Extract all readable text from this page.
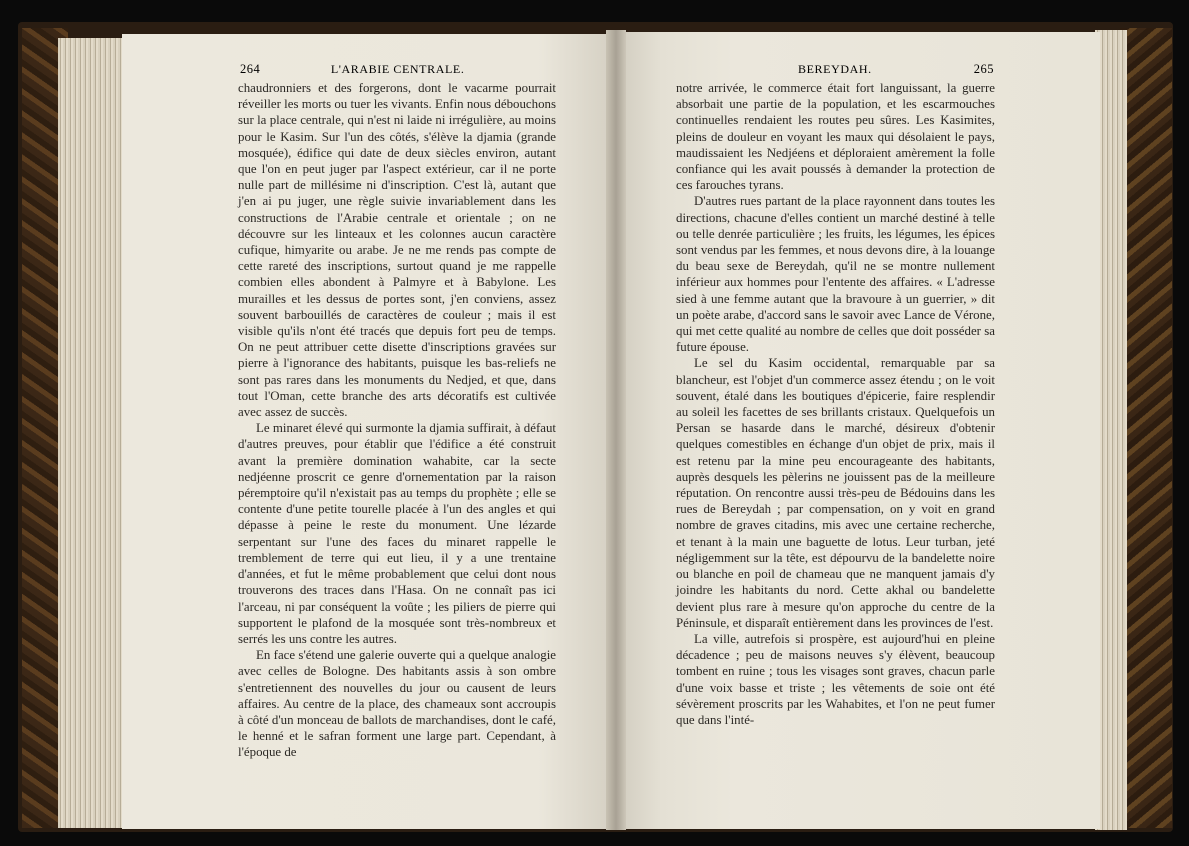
264	L'ARABIE CENTRALE.

chaudronniers et des forgerons, dont le vacarme pourrait réveiller les morts ou tuer les vivants. Enfin nous débouchons sur la place centrale, qui n'est ni laide ni irrégulière, au moins pour le Kasim. Sur l'un des côtés, s'élève la djamia (grande mosquée), édifice qui date de deux siècles environ, autant que l'on en peut juger par l'aspect extérieur, car il ne porte nulle part de millésime ni d'inscription. C'est là, autant que j'en ai pu juger, une règle suivie invariablement dans les constructions de l'Arabie centrale et orientale ; on ne découvre sur les linteaux et les colonnes aucun caractère cufique, himyarite ou arabe. Je ne me rends pas compte de cette rareté des inscriptions, surtout quand je me rappelle combien elles abondent à Palmyre et à Babylone. Les murailles et les dessus de portes sont, j'en conviens, assez souvent barbouillés de caractères de couleur ; mais il est visible qu'ils n'ont été tracés que depuis fort peu de temps. On ne peut attribuer cette disette d'inscriptions gravées sur pierre à l'ignorance des habitants, puisque les bas-reliefs ne sont pas rares dans les monuments du Nedjed, et que, dans tout l'Oman, cette branche des arts décoratifs est cultivée avec assez de succès.

Le minaret élevé qui surmonte la djamia suffirait, à défaut d'autres preuves, pour établir que l'édifice a été construit avant la première domination wahabite, car la secte nedjéenne proscrit ce genre d'ornementation par la raison péremptoire qu'il n'existait pas au temps du prophète ; elle se contente d'une petite tourelle placée à l'un des angles et qui dépasse à peine le reste du monument. Une lézarde serpentant sur l'une des faces du minaret rappelle le tremblement de terre qui eut lieu, il y a une trentaine d'années, et fut le même probablement que celui dont nous trouverons des traces dans l'Hasa. On ne connaît pas ici l'arceau, ni par conséquent la voûte ; les piliers de pierre qui supportent le plafond de la mosquée sont très-nombreux et serrés les uns contre les autres.

En face s'étend une galerie ouverte qui a quelque analogie avec celles de Bologne. Des habitants assis à son ombre s'entretiennent des nouvelles du jour ou causent de leurs affaires. Au centre de la place, des chameaux sont accroupis à côté d'un monceau de ballots de marchandises, dont le café, le henné et le safran forment une large part. Cependant, à l'époque de

BEREYDAH.	265

notre arrivée, le commerce était fort languissant, la guerre absorbait une partie de la population, et les escarmouches continuelles rendaient les routes peu sûres. Les Kasimites, pleins de douleur en voyant les maux qui désolaient le pays, maudissaient les Nedjéens et déploraient amèrement la folle confiance qui les avait poussés à demander la protection de ces farouches tyrans.

D'autres rues partant de la place rayonnent dans toutes les directions, chacune d'elles contient un marché destiné à telle ou telle denrée particulière ; les fruits, les légumes, les épices sont vendus par les femmes, et nous devons dire, à la louange du beau sexe de Bereydah, qu'il ne se montre nullement inférieur aux hommes pour l'entente des affaires. « L'adresse sied à une femme autant que la bravoure à un guerrier, » dit un poète arabe, d'accord sans le savoir avec Lance de Vérone, qui met cette qualité au nombre de celles que doit posséder sa future épouse.

Le sel du Kasim occidental, remarquable par sa blancheur, est l'objet d'un commerce assez étendu ; on le voit souvent, étalé dans les boutiques d'épicerie, faire resplendir au soleil les facettes de ses brillants cristaux. Quelquefois un Persan se hasarde dans le marché, désireux d'obtenir quelques comestibles en échange d'un objet de prix, mais il est retenu par la mine peu encourageante des habitants, auprès desquels les pèlerins ne jouissent pas de la meilleure réputation. On rencontre aussi très-peu de Bédouins dans les rues de Bereydah ; par compensation, on y voit en grand nombre de graves citadins, mis avec une certaine recherche, et tenant à la main une baguette de lotus. Leur turban, jeté négligemment sur la tête, est dépourvu de la bandelette noire ou blanche en poil de chameau que ne manquent jamais d'y joindre les habitants du nord. Cette akhal ou bandelette devient plus rare à mesure qu'on approche du centre de la Péninsule, et disparaît entièrement dans les provinces de l'est.

La ville, autrefois si prospère, est aujourd'hui en pleine décadence ; peu de maisons neuves s'y élèvent, beaucoup tombent en ruine ; tous les visages sont graves, chacun parle d'une voix basse et triste ; les vêtements de soie ont été sévèrement proscrits par les Wahabites, et l'on ne peut fumer que dans l'inté-
